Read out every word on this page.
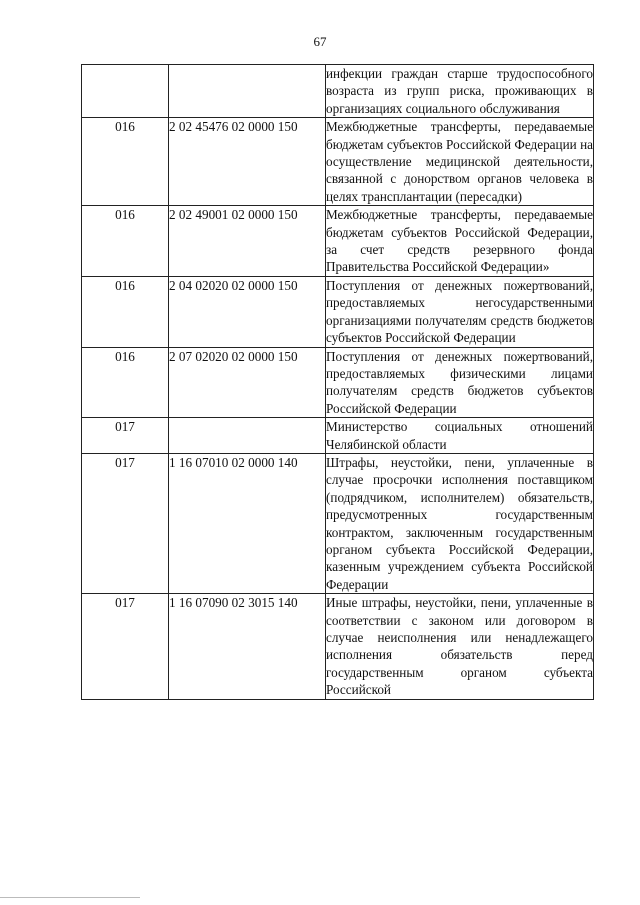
67
		инфекции граждан старше трудоспособного возраста из групп риска, проживающих в организациях социального обслуживания
016	2 02 45476 02 0000 150	Межбюджетные трансферты, передаваемые бюджетам субъектов Российской Федерации на осуществление медицинской деятельности, связанной с донорством органов человека в целях трансплантации (пересадки)
016	2 02 49001 02 0000 150	Межбюджетные трансферты, передаваемые бюджетам субъектов Российской Федерации, за счет средств резервного фонда Правительства Российской Федерации»
016	2 04 02020 02 0000 150	Поступления от денежных пожертвований, предоставляемых негосударственными организациями получателям средств бюджетов субъектов Российской Федерации
016	2 07 02020 02 0000 150	Поступления от денежных пожертвований, предоставляемых физическими лицами получателям средств бюджетов субъектов Российской Федерации
017		Министерство социальных отношений Челябинской области
017	1 16 07010 02 0000 140	Штрафы, неустойки, пени, уплаченные в случае просрочки исполнения поставщиком (подрядчиком, исполнителем) обязательств, предусмотренных государственным контрактом, заключенным государственным органом субъекта Российской Федерации, казенным учреждением субъекта Российской Федерации
017	1 16 07090 02 3015 140	Иные штрафы, неустойки, пени, уплаченные в соответствии с законом или договором в случае неисполнения или ненадлежащего исполнения обязательств перед государственным органом субъекта Российской
